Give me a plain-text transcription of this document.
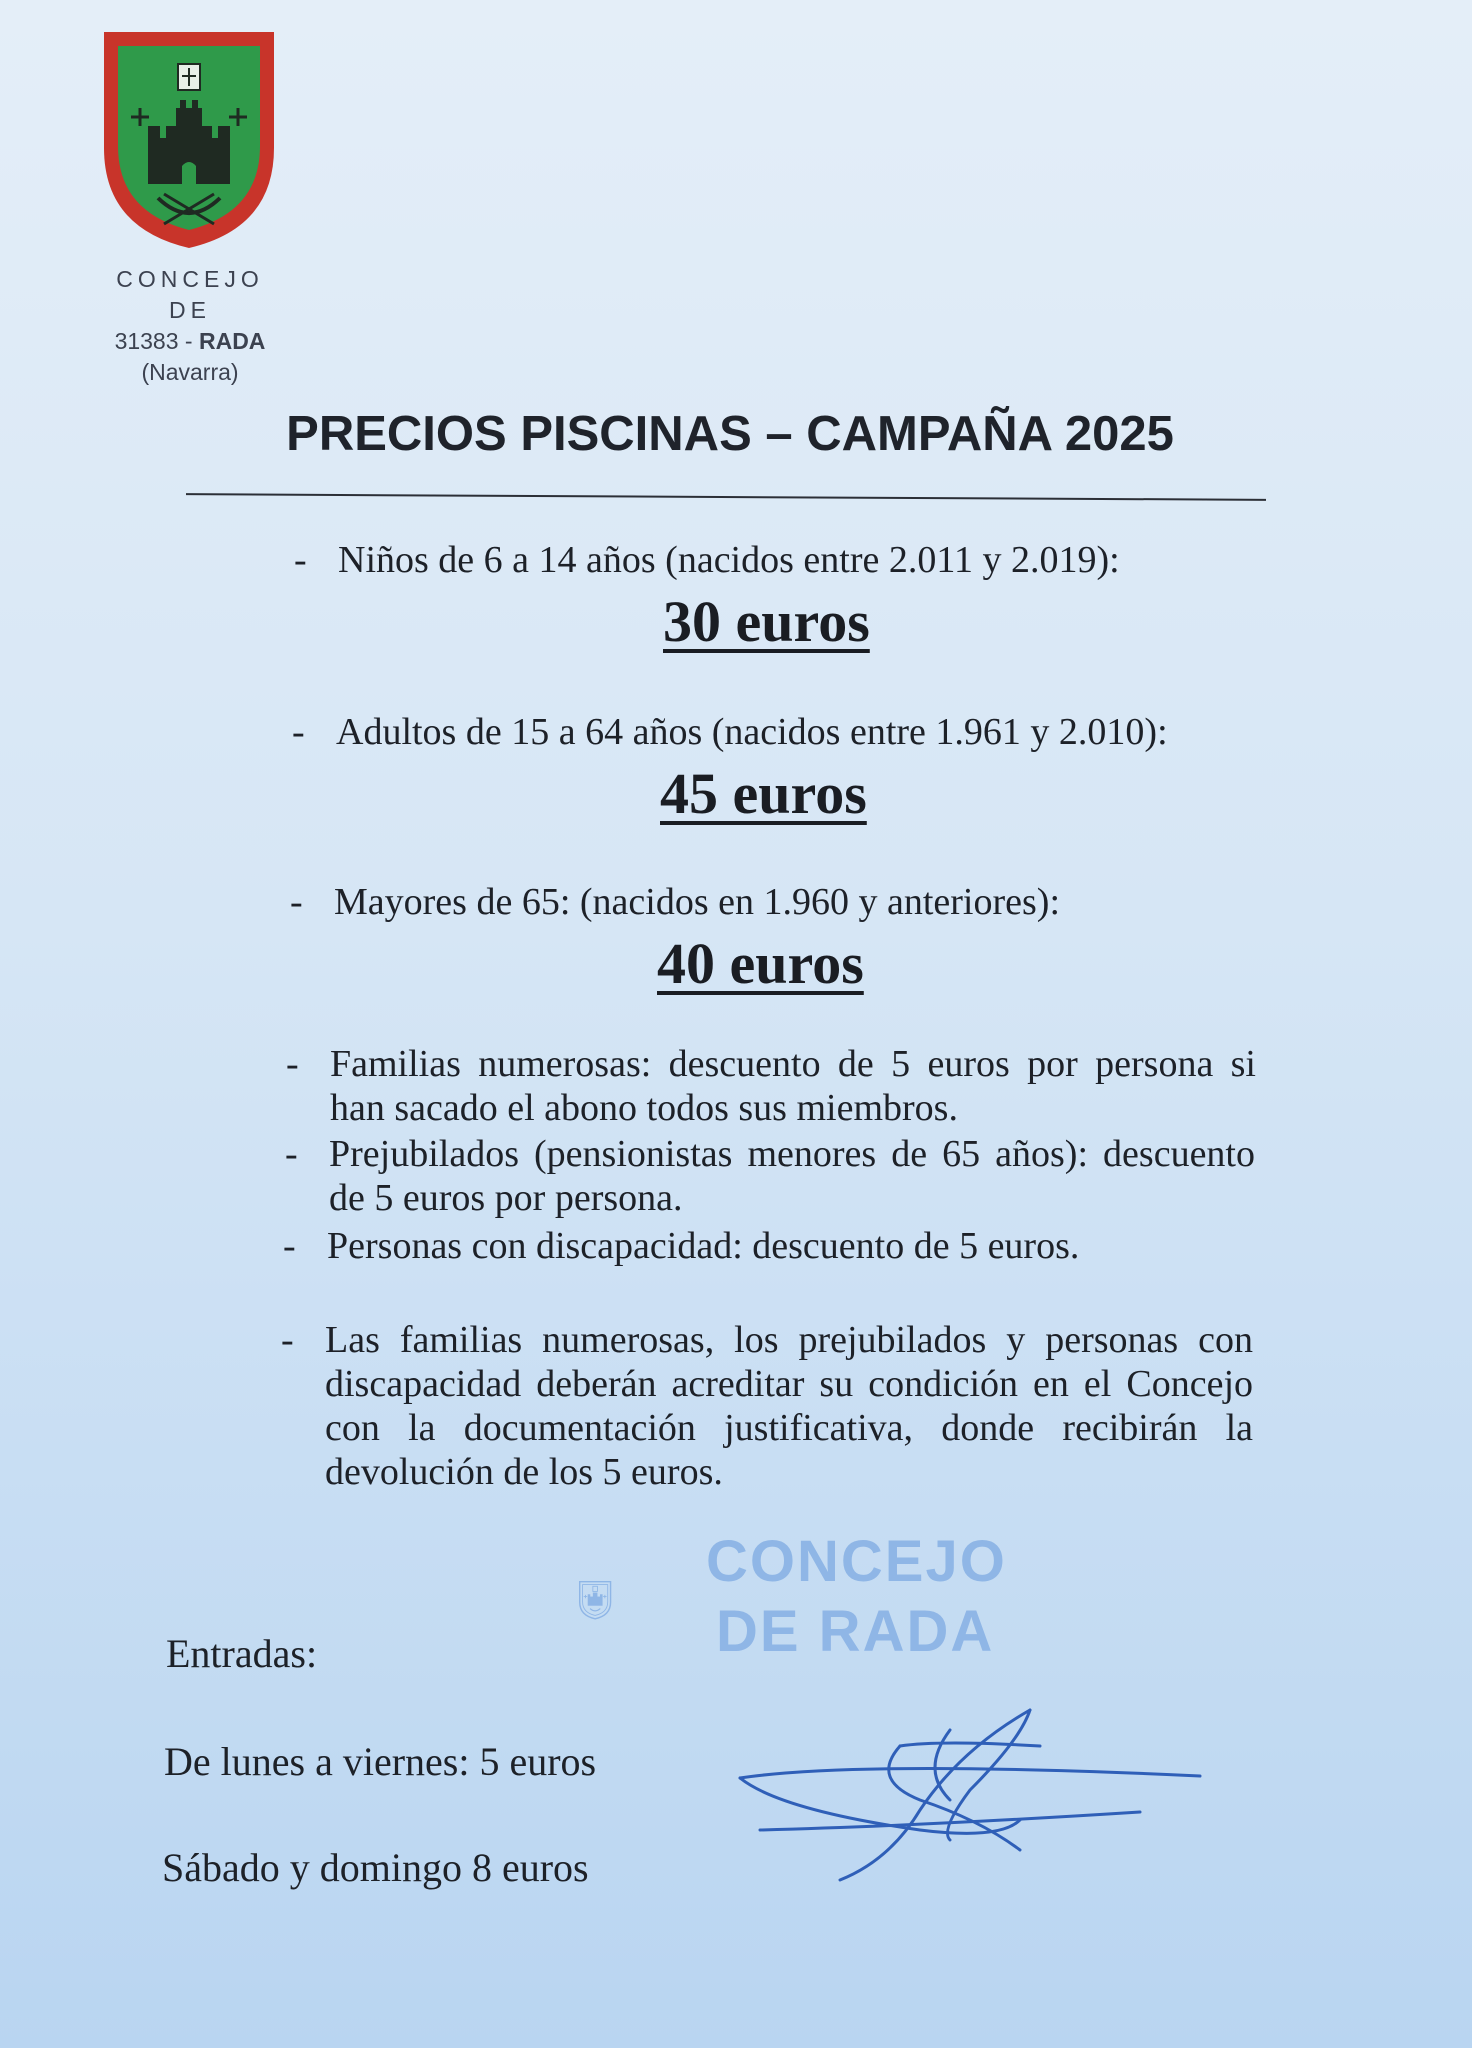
CONCEJO
DE
31383 - RADA
(Navarra)
PRECIOS PISCINAS – CAMPAÑA 2025
- Niños de 6 a 14 años (nacidos entre 2.011 y 2.019):
30 euros
- Adultos de 15 a 64 años (nacidos entre 1.961 y 2.010):
45 euros
- Mayores de 65: (nacidos en 1.960 y anteriores):
40 euros
- Familias numerosas: descuento de 5 euros por persona si han sacado el abono todos sus miembros.
- Prejubilados (pensionistas menores de 65 años): descuento de 5 euros por persona.
- Personas con discapacidad: descuento de 5 euros.
- Las familias numerosas, los prejubilados y personas con discapacidad deberán acreditar su condición en el Concejo con la documentación justificativa, donde recibirán la devolución de los 5 euros.
CONCEJO
DE RADA
Entradas:
De lunes a viernes: 5 euros
Sábado y domingo 8 euros
